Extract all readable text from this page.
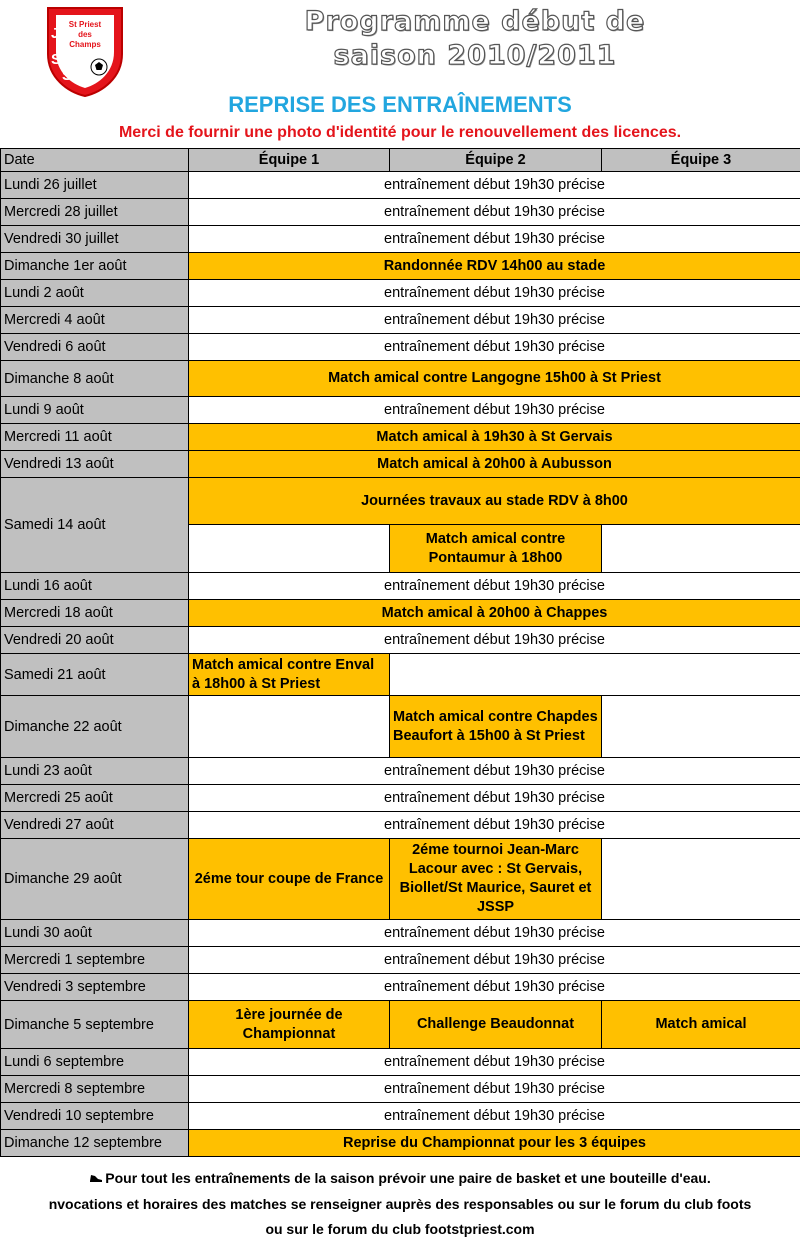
St Priest
des
Champs
J
S
P
S
Programme début de
saison 2010/2011
REPRISE DES ENTRAÎNEMENTS
Merci de fournir une photo d'identité pour le renouvellement des licences.
Date	Équipe 1	Équipe 2	Équipe 3
Lundi 26 juillet	entraînement début 19h30 précise		
Mercredi 28 juillet	entraînement début 19h30 précise		
Vendredi 30 juillet	entraînement début 19h30 précise		
Dimanche 1er août	Randonnée RDV 14h00 au stade		
Lundi 2 août	entraînement début 19h30 précise		
Mercredi 4 août	entraînement début 19h30 précise		
Vendredi 6 août	entraînement début 19h30 précise		
Dimanche 8 août	Match amical contre Langogne 15h00 à St Priest		
Lundi 9 août	entraînement début 19h30 précise		
Mercredi 11 août	Match amical à 19h30 à St Gervais		
Vendredi 13 août	Match amical à 20h00 à Aubusson		
Samedi 14 août	Journées travaux au stade RDV à 8h00		
		Match amical contre Pontaumur à 18h00	
Lundi 16 août	entraînement début 19h30 précise		
Mercredi 18 août	Match amical à 20h00 à Chappes		
Vendredi 20 août	entraînement début 19h30 précise		
Samedi 21 août	Match amical contre Enval à 18h00 à St Priest		
Dimanche 22 août		Match amical contre Chapdes Beaufort à 15h00 à St Priest	
Lundi 23 août	entraînement début 19h30 précise		
Mercredi 25 août	entraînement début 19h30 précise		
Vendredi 27 août	entraînement début 19h30 précise		
Dimanche 29 août	2éme tour coupe de France	2éme tournoi Jean-Marc Lacour avec : St Gervais, Biollet/St Maurice, Sauret et JSSP	
Lundi 30 août	entraînement début 19h30 précise		
Mercredi 1 septembre	entraînement début 19h30 précise		
Vendredi 3 septembre	entraînement début 19h30 précise		
Dimanche 5 septembre	1ère journée de Championnat	Challenge Beaudonnat	Match amical
Lundi 6 septembre	entraînement début 19h30 précise		
Mercredi 8 septembre	entraînement début 19h30 précise		
Vendredi 10 septembre	entraînement début 19h30 précise		
Dimanche 12 septembre	Reprise du Championnat pour les 3 équipes		
Pour tout les entraînements de la saison prévoir une paire de basket et une bouteille d'eau.
nvocations et horaires des matches se renseigner auprès des responsables ou sur le forum du club foots
ou sur le forum du club footstpriest.com
